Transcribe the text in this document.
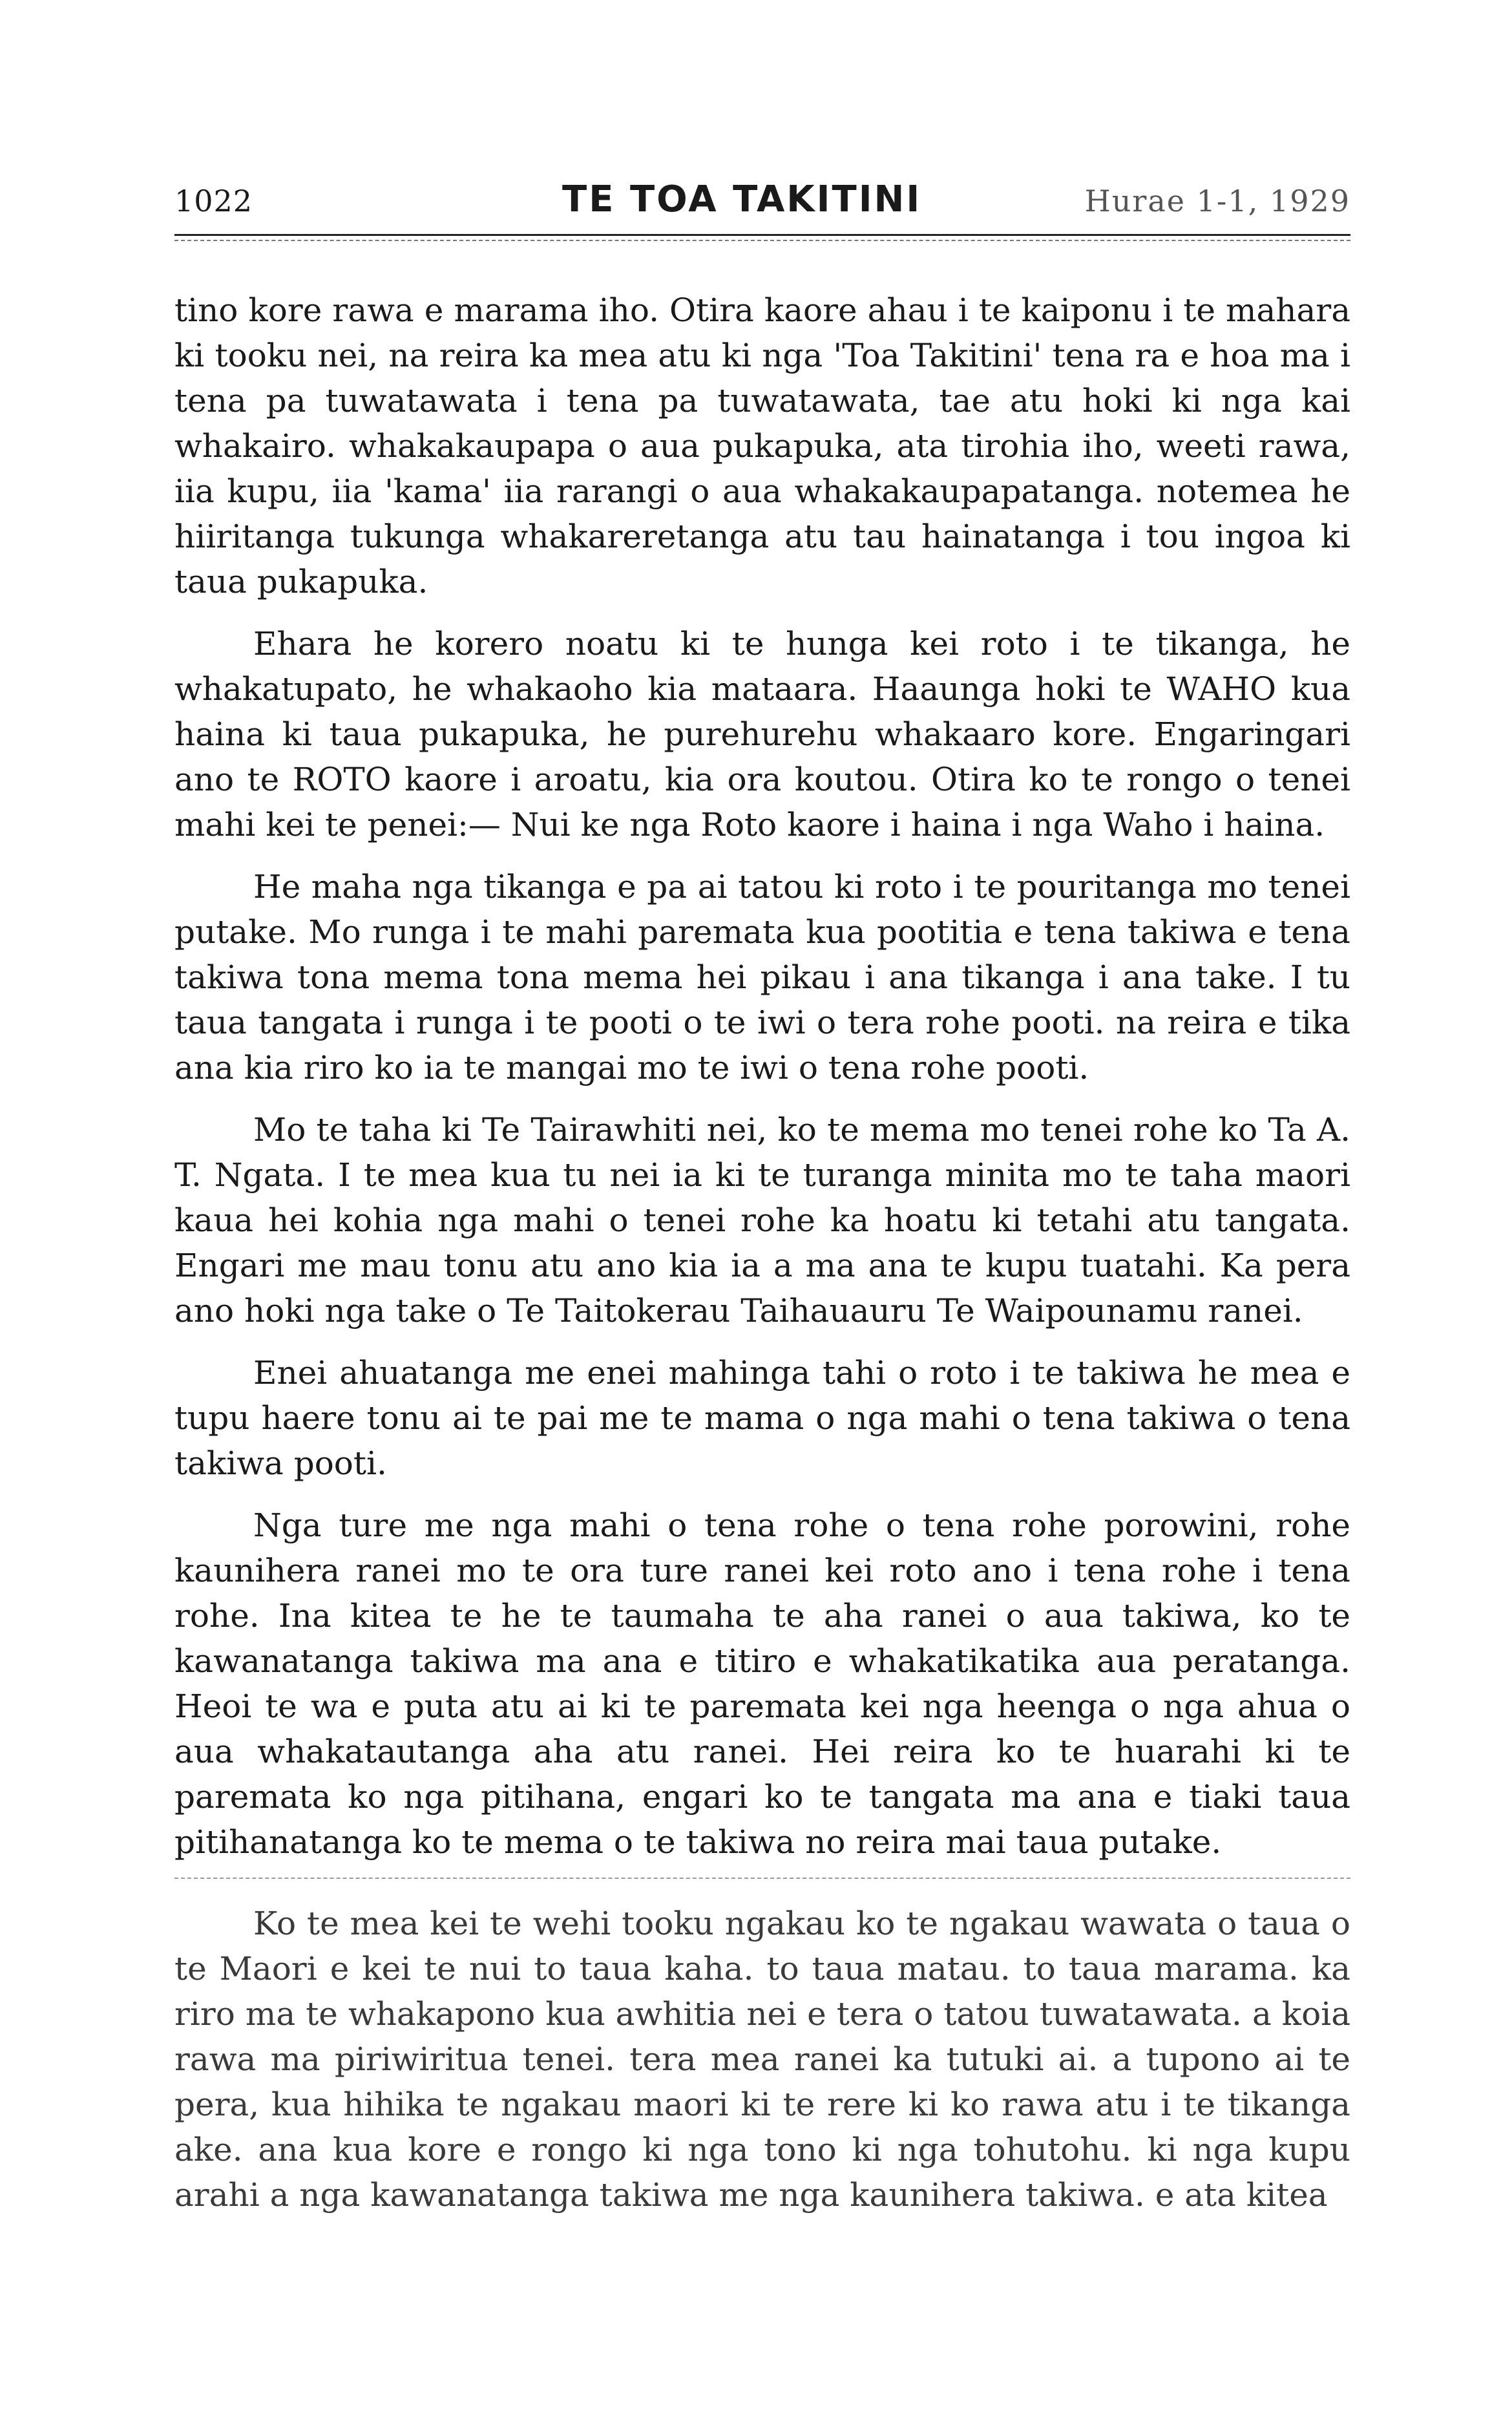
1022	TE TOA TAKITINI	Hurae 1-1, 1929

tino kore rawa e marama iho. Otira kaore ahau i te kaiponu i te mahara ki tooku nei, na reira ka mea atu ki nga 'Toa Takitini' tena ra e hoa ma i tena pa tuwatawata i tena pa tuwatawata, tae atu hoki ki nga kai whakairo. whakakaupapa o aua pukapuka, ata tirohia iho, weeti rawa, iia kupu, iia 'kama' iia rarangi o aua whakakaupapatanga. notemea he hiiritanga tukunga whakareretanga atu tau hainatanga i tou ingoa ki taua pukapuka.

Ehara he korero noatu ki te hunga kei roto i te tikanga, he whakatupato, he whakaoho kia mataara. Haaunga hoki te WAHO kua haina ki taua pukapuka, he purehurehu whakaaro kore. Engaringari ano te ROTO kaore i aroatu, kia ora koutou. Otira ko te rongo o tenei mahi kei te penei:— Nui ke nga Roto kaore i haina i nga Waho i haina.

He maha nga tikanga e pa ai tatou ki roto i te pouritanga mo tenei putake. Mo runga i te mahi paremata kua pootitia e tena takiwa e tena takiwa tona mema tona mema hei pikau i ana tikanga i ana take. I tu taua tangata i runga i te pooti o te iwi o tera rohe pooti. na reira e tika ana kia riro ko ia te mangai mo te iwi o tena rohe pooti.

Mo te taha ki Te Tairawhiti nei, ko te mema mo tenei rohe ko Ta A. T. Ngata. I te mea kua tu nei ia ki te turanga minita mo te taha maori kaua hei kohia nga mahi o tenei rohe ka hoatu ki tetahi atu tangata. Engari me mau tonu atu ano kia ia a ma ana te kupu tuatahi. Ka pera ano hoki nga take o Te Taitokerau Taihauauru Te Waipounamu ranei.

Enei ahuatanga me enei mahinga tahi o roto i te takiwa he mea e tupu haere tonu ai te pai me te mama o nga mahi o tena takiwa o tena takiwa pooti.

Nga ture me nga mahi o tena rohe o tena rohe porowini, rohe kaunihera ranei mo te ora ture ranei kei roto ano i tena rohe i tena rohe. Ina kitea te he te taumaha te aha ranei o aua takiwa, ko te kawanatanga takiwa ma ana e titiro e whakatikatika aua peratanga. Heoi te wa e puta atu ai ki te paremata kei nga heenga o nga ahua o aua whakatautanga aha atu ranei. Hei reira ko te huarahi ki te paremata ko nga pitihana, engari ko te tangata ma ana e tiaki taua pitihanatanga ko te mema o te takiwa no reira mai taua putake.

Ko te mea kei te wehi tooku ngakau ko te ngakau wawata o taua o te Maori e kei te nui to taua kaha. to taua matau. to taua marama. ka riro ma te whakapono kua awhitia nei e tera o tatou tuwatawata. a koia rawa ma piriwiritua tenei. tera mea ranei ka tutuki ai. a tupono ai te pera, kua hihika te ngakau maori ki te rere ki ko rawa atu i te tikanga ake. ana kua kore e rongo ki nga tono ki nga tohutohu. ki nga kupu arahi a nga kawanatanga takiwa me nga kaunihera takiwa. e ata kitea
